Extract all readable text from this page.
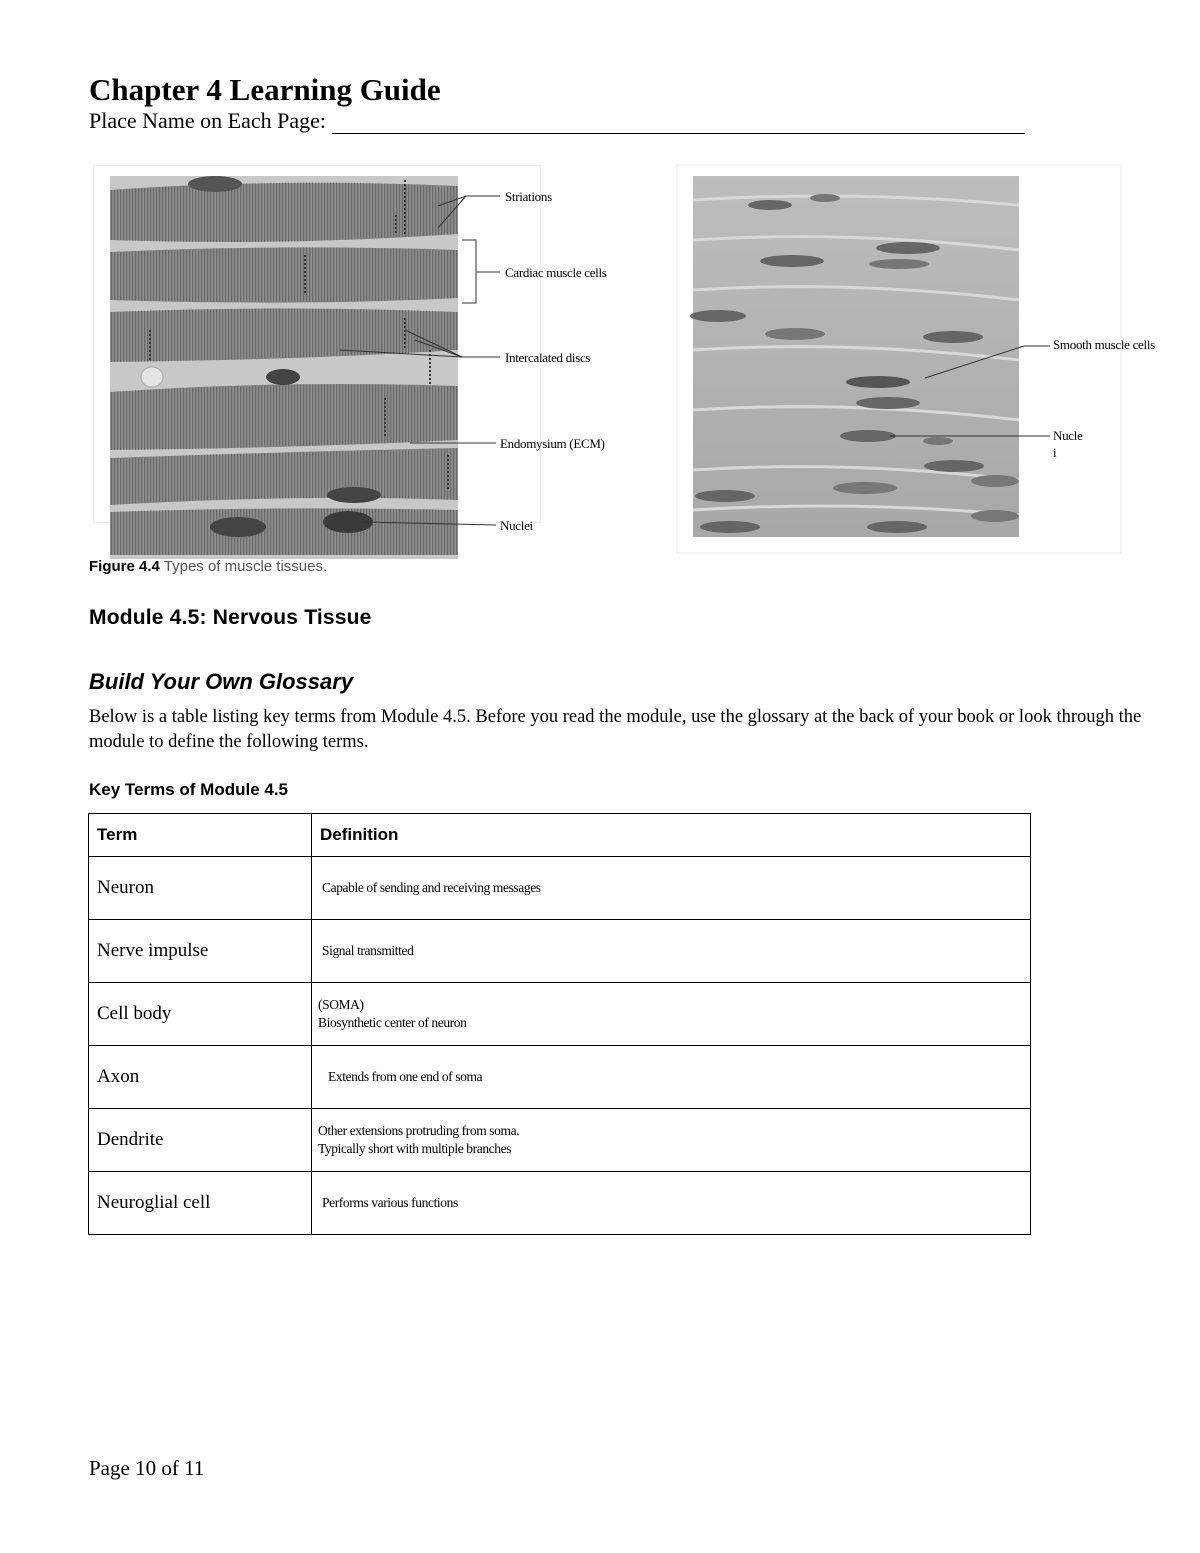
Chapter 4 Learning Guide
Place Name on Each Page:
Striations
Cardiac muscle cells
Intercalated discs
Endomysium (ECM)
Nuclei
Smooth muscle cells
Nucle
i
Figure 4.4 Types of muscle tissues.
Module 4.5: Nervous Tissue
Build Your Own Glossary
Below is a table listing key terms from Module 4.5. Before you read the module, use the glossary at the back of your book or look through the module to define the following terms.
Key Terms of Module 4.5
Term	Definition
Neuron	Capable of sending and receiving messages

Nerve impulse	Signal transmitted

Cell body	(SOMA)
Biosynthetic center of neuron

Axon	Extends from one end of soma

Dendrite	Other extensions protruding from soma.
Typically short with multiple branches

Neuroglial cell	Performs various functions
Page 10 of 11
